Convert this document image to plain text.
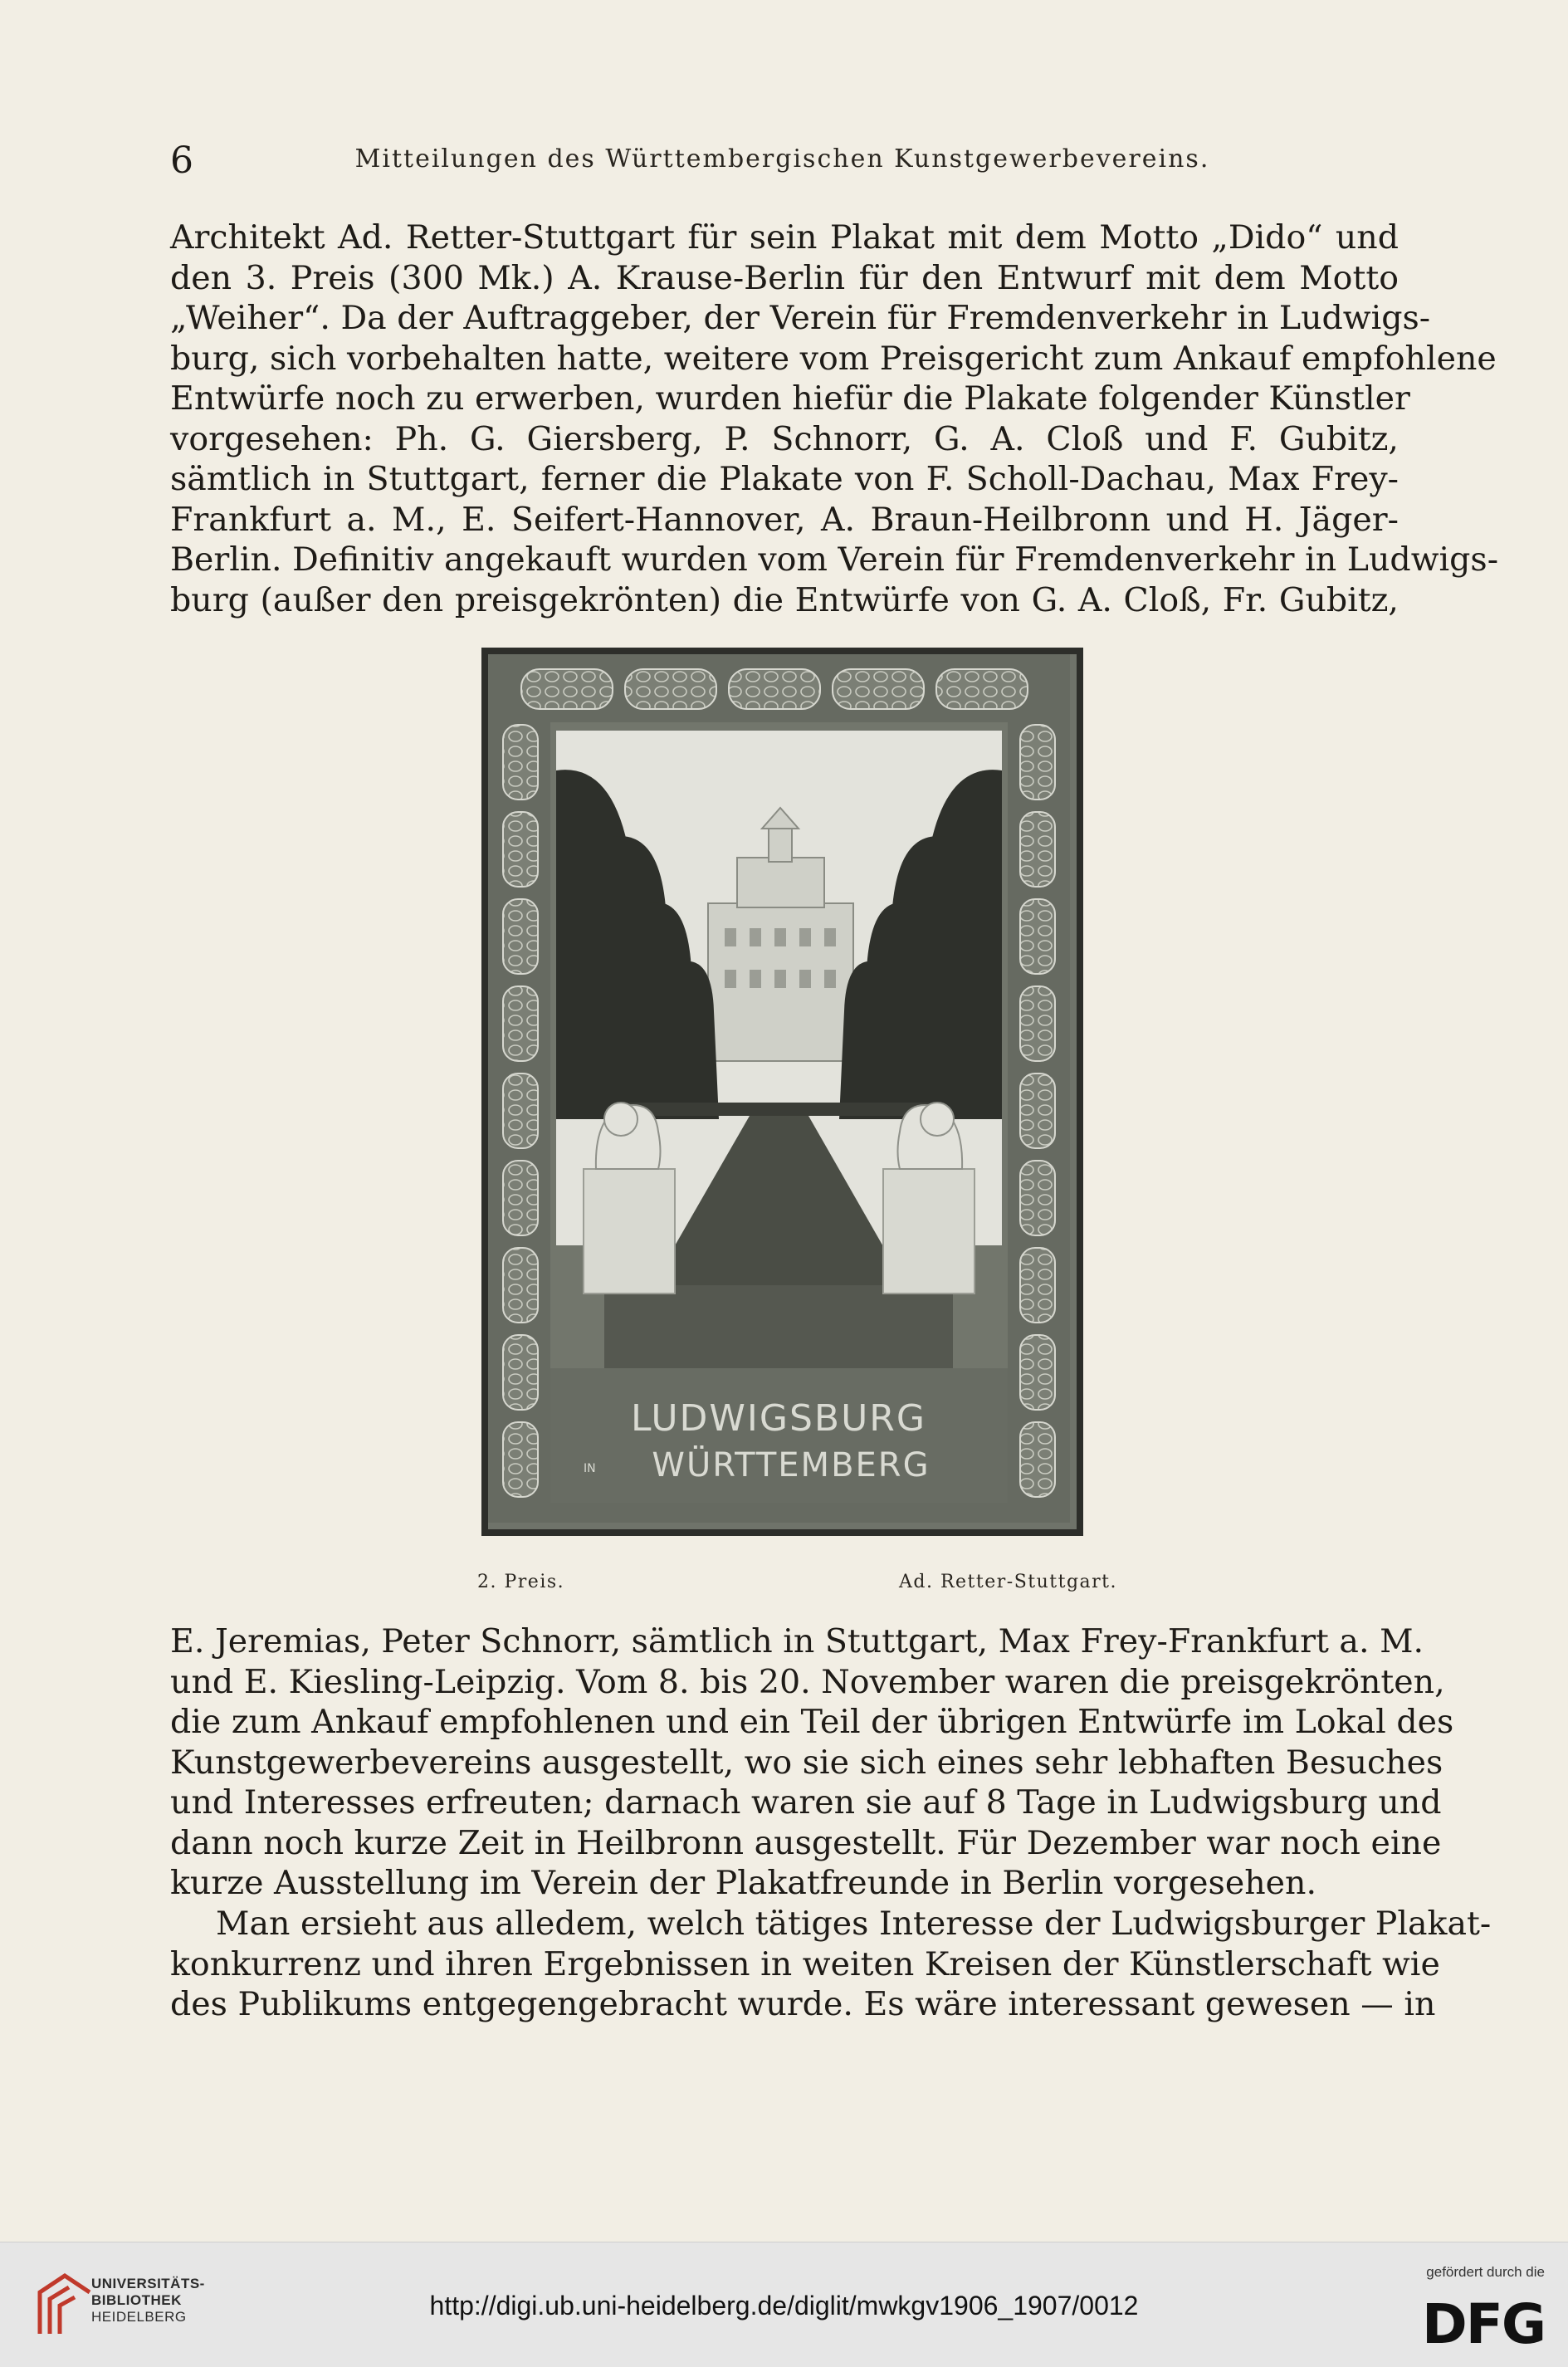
6	Mitteilungen des Württembergischen Kunstgewerbevereins.
Architekt Ad. Retter-Stuttgart für sein Plakat mit dem Motto „Dido“ und
den 3. Preis (300 Mk.) A. Krause-Berlin für den Entwurf mit dem Motto
„Weiher“. Da der Auftraggeber, der Verein für Fremdenverkehr in Ludwigs-
burg, sich vorbehalten hatte, weitere vom Preisgericht zum Ankauf empfohlene
Entwürfe noch zu erwerben, wurden hiefür die Plakate folgender Künstler
vorgesehen: Ph. G. Giersberg, P. Schnorr, G. A. Cloß und F. Gubitz,
sämtlich in Stuttgart, ferner die Plakate von F. Scholl-Dachau, Max Frey-
Frankfurt a. M., E. Seifert-Hannover, A. Braun-Heilbronn und H. Jäger-
Berlin. Definitiv angekauft wurden vom Verein für Fremdenverkehr in Ludwigs-
burg (außer den preisgekrönten) die Entwürfe von G. A. Cloß, Fr. Gubitz,
LUDWIGSBURG
IN WÜRTTEMBERG
2. Preis.	Ad. Retter-Stuttgart.
E. Jeremias, Peter Schnorr, sämtlich in Stuttgart, Max Frey-Frankfurt a. M.
und E. Kiesling-Leipzig. Vom 8. bis 20. November waren die preisgekrönten,
die zum Ankauf empfohlenen und ein Teil der übrigen Entwürfe im Lokal des
Kunstgewerbevereins ausgestellt, wo sie sich eines sehr lebhaften Besuches
und Interesses erfreuten; darnach waren sie auf 8 Tage in Ludwigsburg und
dann noch kurze Zeit in Heilbronn ausgestellt. Für Dezember war noch eine
kurze Ausstellung im Verein der Plakatfreunde in Berlin vorgesehen.
Man ersieht aus alledem, welch tätiges Interesse der Ludwigsburger Plakat-
konkurrenz und ihren Ergebnissen in weiten Kreisen der Künstlerschaft wie
des Publikums entgegengebracht wurde. Es wäre interessant gewesen — in
UNIVERSITÄTS-
BIBLIOTHEK
HEIDELBERG	http://digi.ub.uni-heidelberg.de/diglit/mwkgv1906_1907/0012
gefördert durch die
DFG
